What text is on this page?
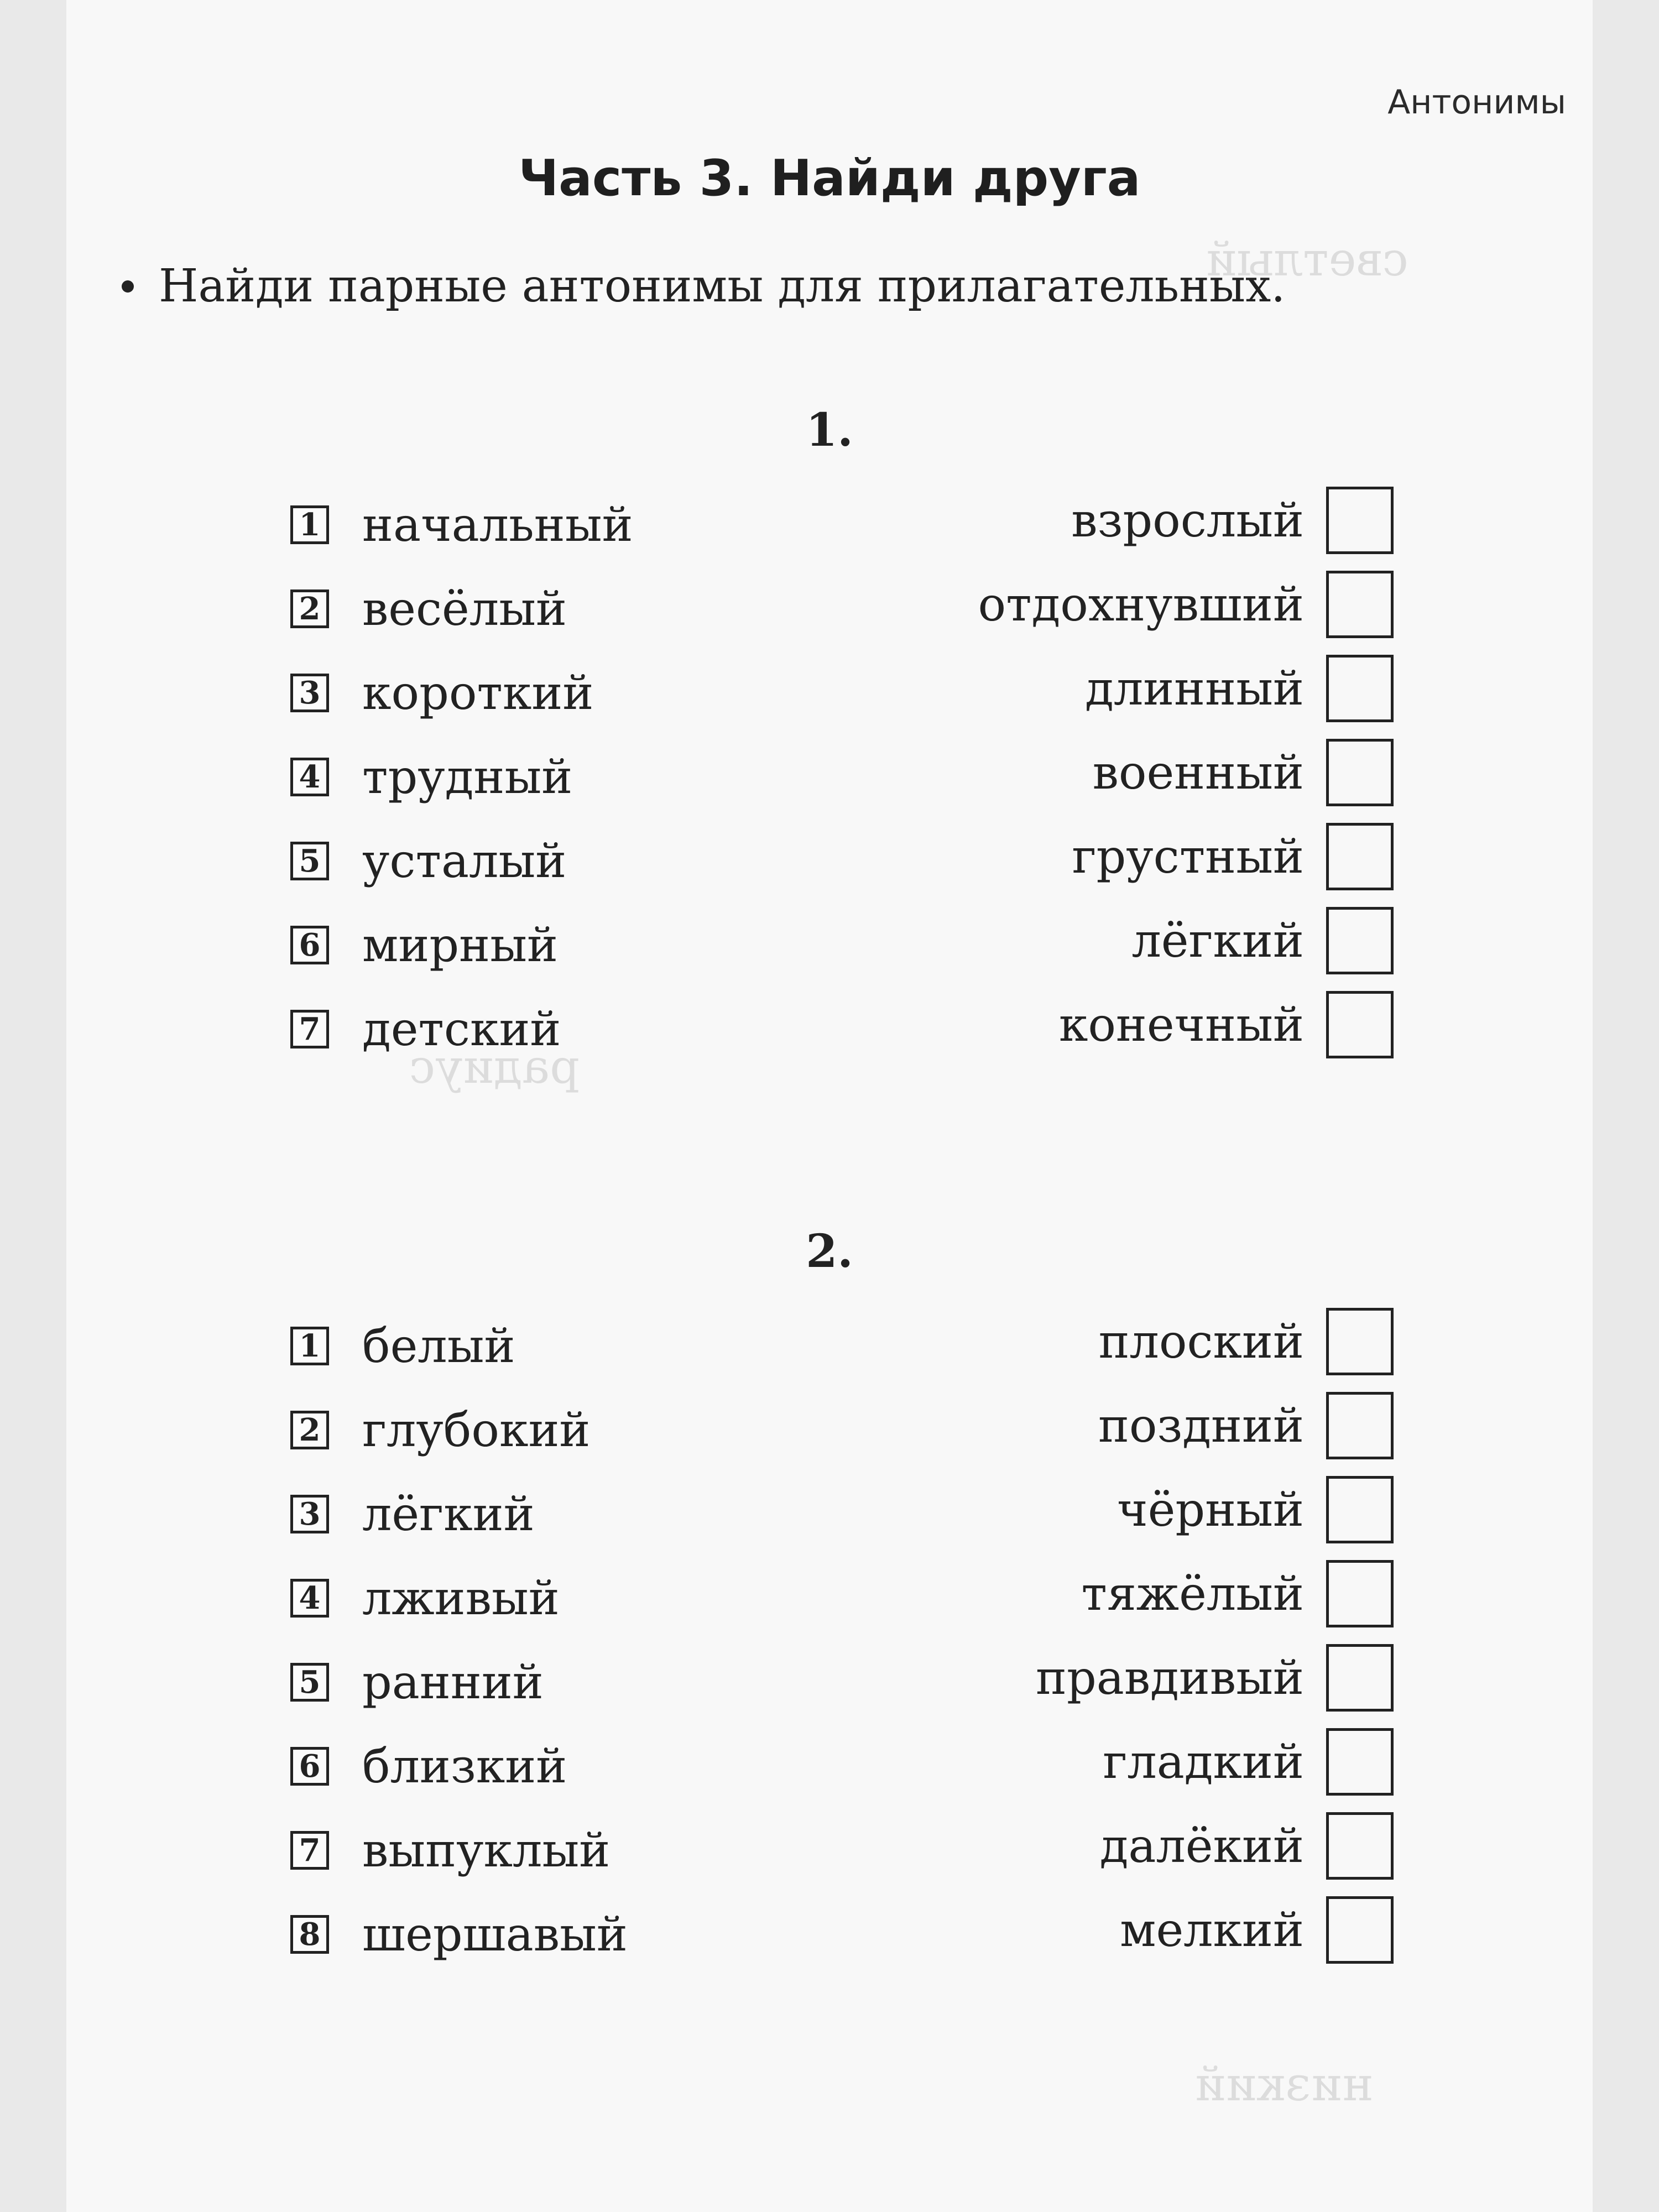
светлый
радиус
низкий
Антонимы
Часть 3. Найди друга
Найди парные антонимы для прилагательных.
1.
1 начальный	взрослый
2 весёлый	отдохнувший
3 короткий	длинный
4 трудный	военный
5 усталый	грустный
6 мирный	лёгкий
7 детский	конечный
2.
1 белый	плоский
2 глубокий	поздний
3 лёгкий	чёрный
4 лживый	тяжёлый
5 ранний	правдивый
6 близкий	гладкий
7 выпуклый	далёкий
8 шершавый	мелкий
